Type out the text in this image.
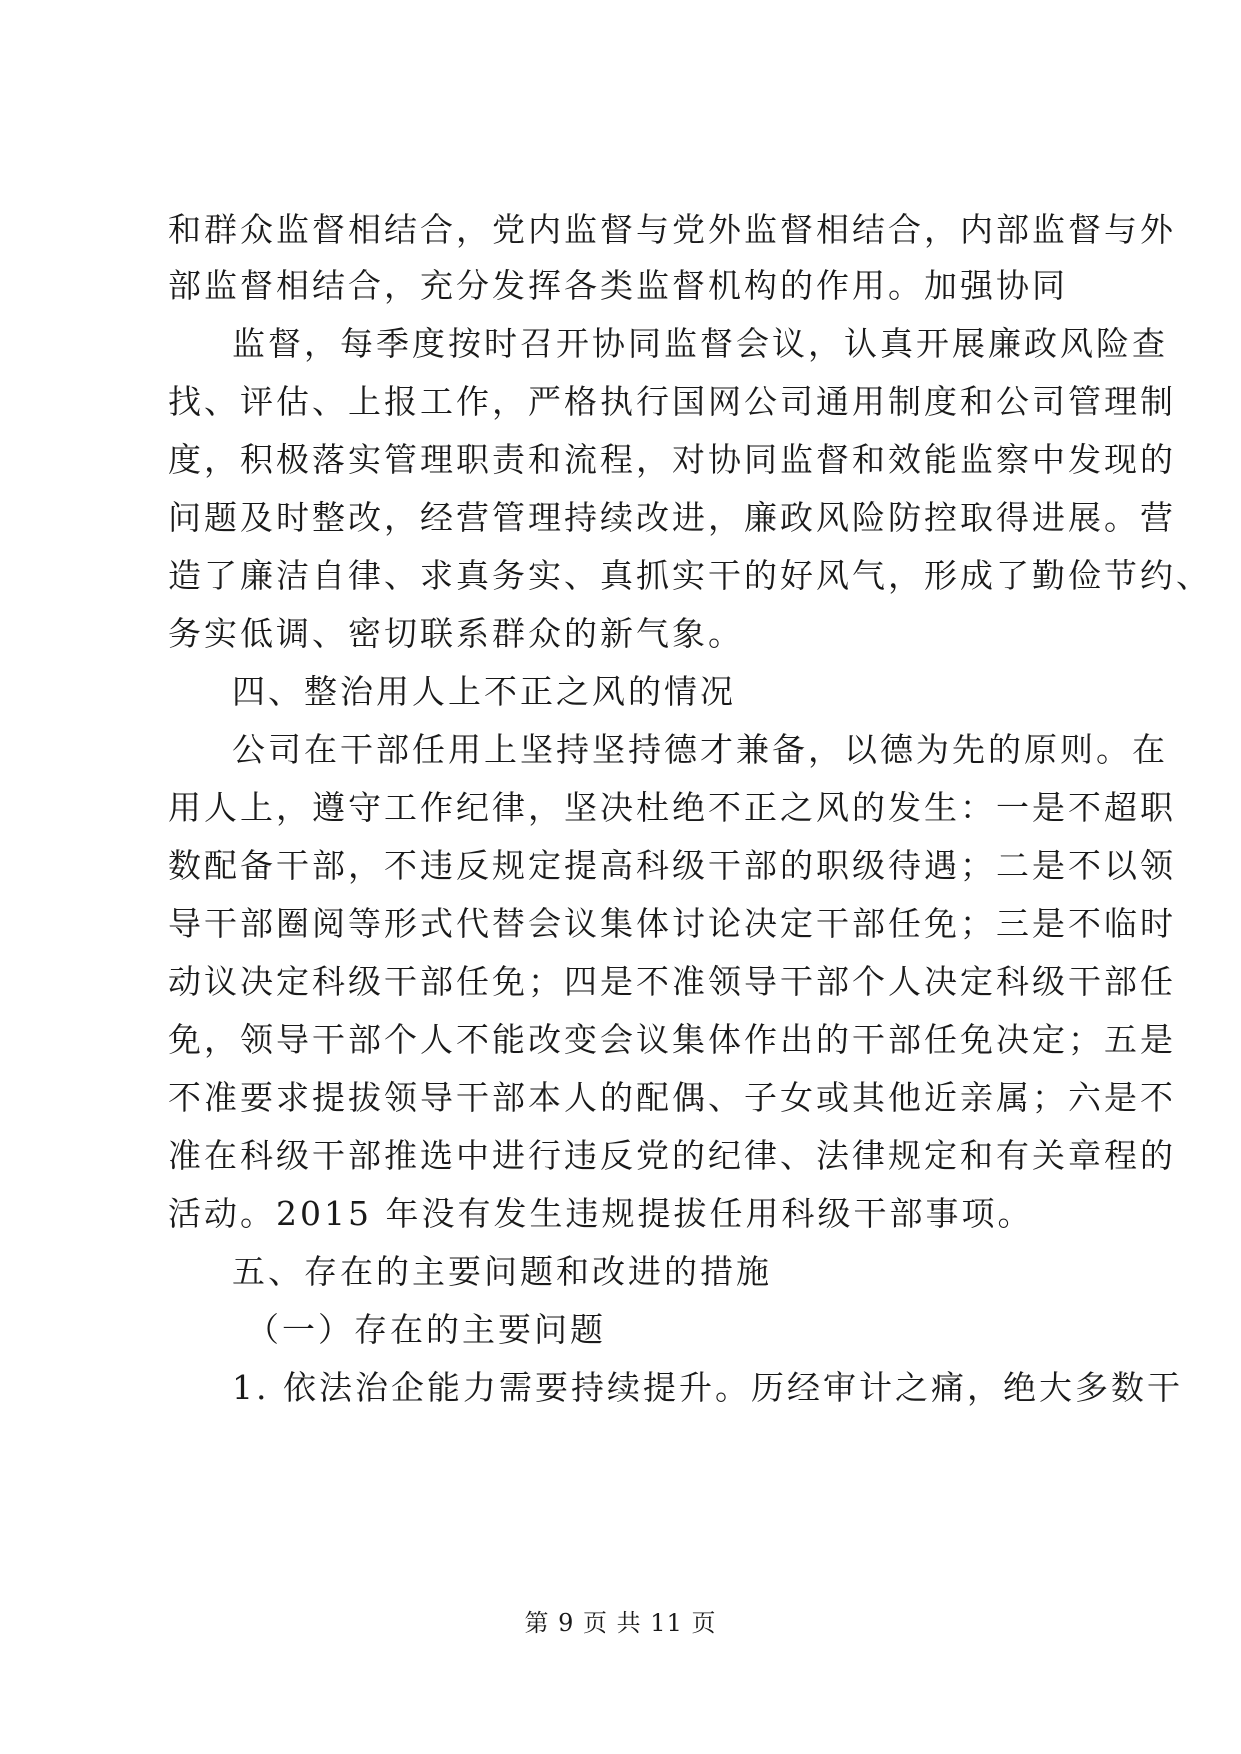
和群众监督相结合，党内监督与党外监督相结合，内部监督与外
部监督相结合，充分发挥各类监督机构的作用。加强协同
监督，每季度按时召开协同监督会议，认真开展廉政风险查
找、评估、上报工作，严格执行国网公司通用制度和公司管理制
度，积极落实管理职责和流程，对协同监督和效能监察中发现的
问题及时整改，经营管理持续改进，廉政风险防控取得进展。营
造了廉洁自律、求真务实、真抓实干的好风气，形成了勤俭节约、
务实低调、密切联系群众的新气象。
四、整治用人上不正之风的情况
公司在干部任用上坚持坚持德才兼备，以德为先的原则。在
用人上，遵守工作纪律，坚决杜绝不正之风的发生：一是不超职
数配备干部，不违反规定提高科级干部的职级待遇；二是不以领
导干部圈阅等形式代替会议集体讨论决定干部任免；三是不临时
动议决定科级干部任免；四是不准领导干部个人决定科级干部任
免，领导干部个人不能改变会议集体作出的干部任免决定；五是
不准要求提拔领导干部本人的配偶、子女或其他近亲属；六是不
准在科级干部推选中进行违反党的纪律、法律规定和有关章程的
活动。2015 年没有发生违规提拔任用科级干部事项。
五、存在的主要问题和改进的措施
（一）存在的主要问题
1. 依法治企能力需要持续提升。历经审计之痛，绝大多数干
第 9 页 共 11 页
